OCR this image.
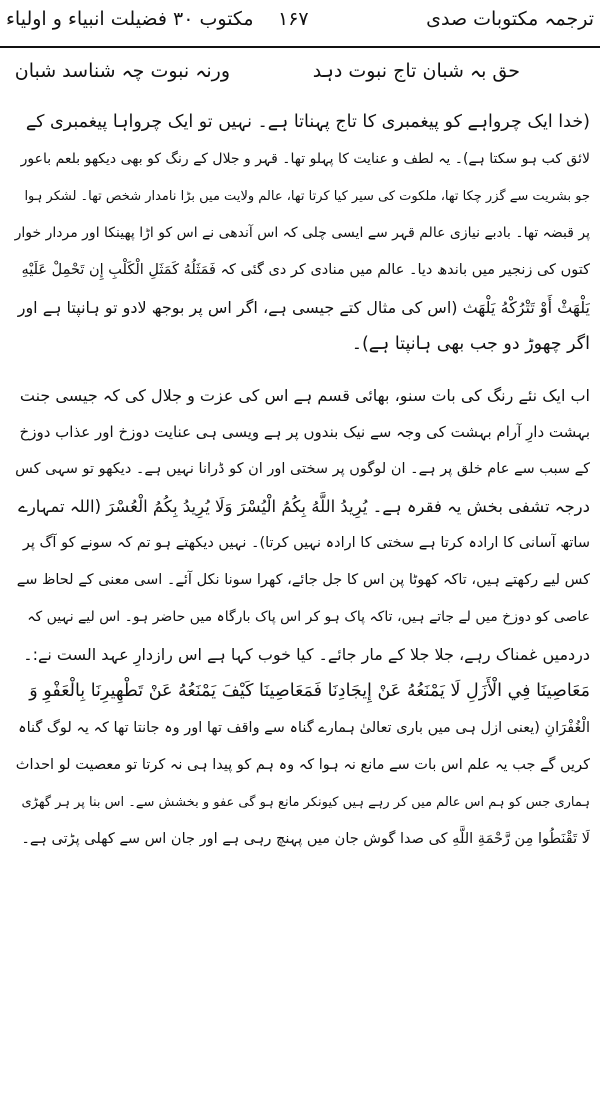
ترجمہ مکتوبات صدی
۱۶۷
مکتوب ۳۰ فضیلت انبیاء و اولیاء
حق بہ شبان تاج نبوت دہد
ورنہ نبوت چہ شناسد شبان
(خدا ایک چرواہے کو پیغمبری کا تاج پہناتا ہے۔ نہیں تو ایک چرواہا پیغمبری کے
لائق کب ہو سکتا ہے)۔ یہ لطف و عنایت کا پہلو تھا۔ قہر و جلال کے رنگ کو بھی دیکھو بلعم باعور
جو بشریت سے گزر چکا تھا، ملکوت کی سیر کیا کرتا تھا، عالم ولایت میں بڑا نامدار شخص تھا۔ لشکر ہوا
پر قبضہ تھا۔ بادبے نیازی عالم قہر سے ایسی چلی کہ اس آندھی نے اس کو اڑا پھینکا اور مردار خوار
کتوں کی زنجیر میں باندھ دیا۔ عالم میں منادی کر دی گئی کہ فَمَثَلُهُ كَمَثَلِ الْكَلْبِ إِن تَحْمِلْ عَلَيْهِ
يَلْهَثْ أَوْ تَتْرُكْهُ يَلْهَث (اس کی مثال کتے جیسی ہے، اگر اس پر بوجھ لادو تو ہانپتا ہے اور
اگر چھوڑ دو جب بھی ہانپتا ہے)۔
اب ایک نئے رنگ کی بات سنو، بھائی قسم ہے اس کی عزت و جلال کی کہ جیسی جنت
بہشت دارِ آرام بہشت کی وجہ سے نیک بندوں پر ہے ویسی ہی عنایت دوزخ اور عذاب دوزخ
کے سبب سے عام خلق پر ہے۔ ان لوگوں پر سختی اور ان کو ڈرانا نہیں ہے۔ دیکھو تو سہی کس
درجہ تشفی بخش یہ فقرہ ہے۔ يُرِيدُ اللَّهُ بِكُمُ الْيُسْرَ وَلَا يُرِيدُ بِكُمُ الْعُسْرَ (اللہ تمہارے
ساتھ آسانی کا ارادہ کرتا ہے سختی کا ارادہ نہیں کرتا)۔ نہیں دیکھتے ہو تم کہ سونے کو آگ پر
کس لیے رکھتے ہیں، تاکہ کھوٹا پن اس کا جل جائے، کھرا سونا نکل آئے۔ اسی معنی کے لحاظ سے
عاصی کو دوزخ میں لے جاتے ہیں، تاکہ پاک ہو کر اس پاک بارگاہ میں حاضر ہو۔ اس لیے نہیں کہ
دردمیں غمناک رہے، جلا جلا کے مار جائے۔ کیا خوب کہا ہے اس رازدارِ عہد الست نے:۔
مَعَاصِينَا فِي الْأَزَلِ لَا يَمْنَعُهُ عَنْ إِيجَادِنَا فَمَعَاصِينَا كَيْفَ يَمْنَعُهُ عَنْ تَطْهِيرِنَا بِالْعَفْوِ وَ
الْغُفْرَانِ (یعنی ازل ہی میں باری تعالیٰ ہمارے گناہ سے واقف تھا اور وہ جانتا تھا کہ یہ لوگ گناہ
کریں گے جب یہ علم اس بات سے مانع نہ ہوا کہ وہ ہم کو پیدا ہی نہ کرتا تو معصیت لو احداث
ہماری جس کو ہم اس عالم میں کر رہے ہیں کیونکر مانع ہو گی عفو و بخشش سے۔ اس بنا پر ہر گھڑی
لَا تَقْنَطُوا مِن رَّحْمَةِ اللَّهِ کی صدا گوش جان میں پہنچ رہی ہے اور جان اس سے کھلی پڑتی ہے۔
